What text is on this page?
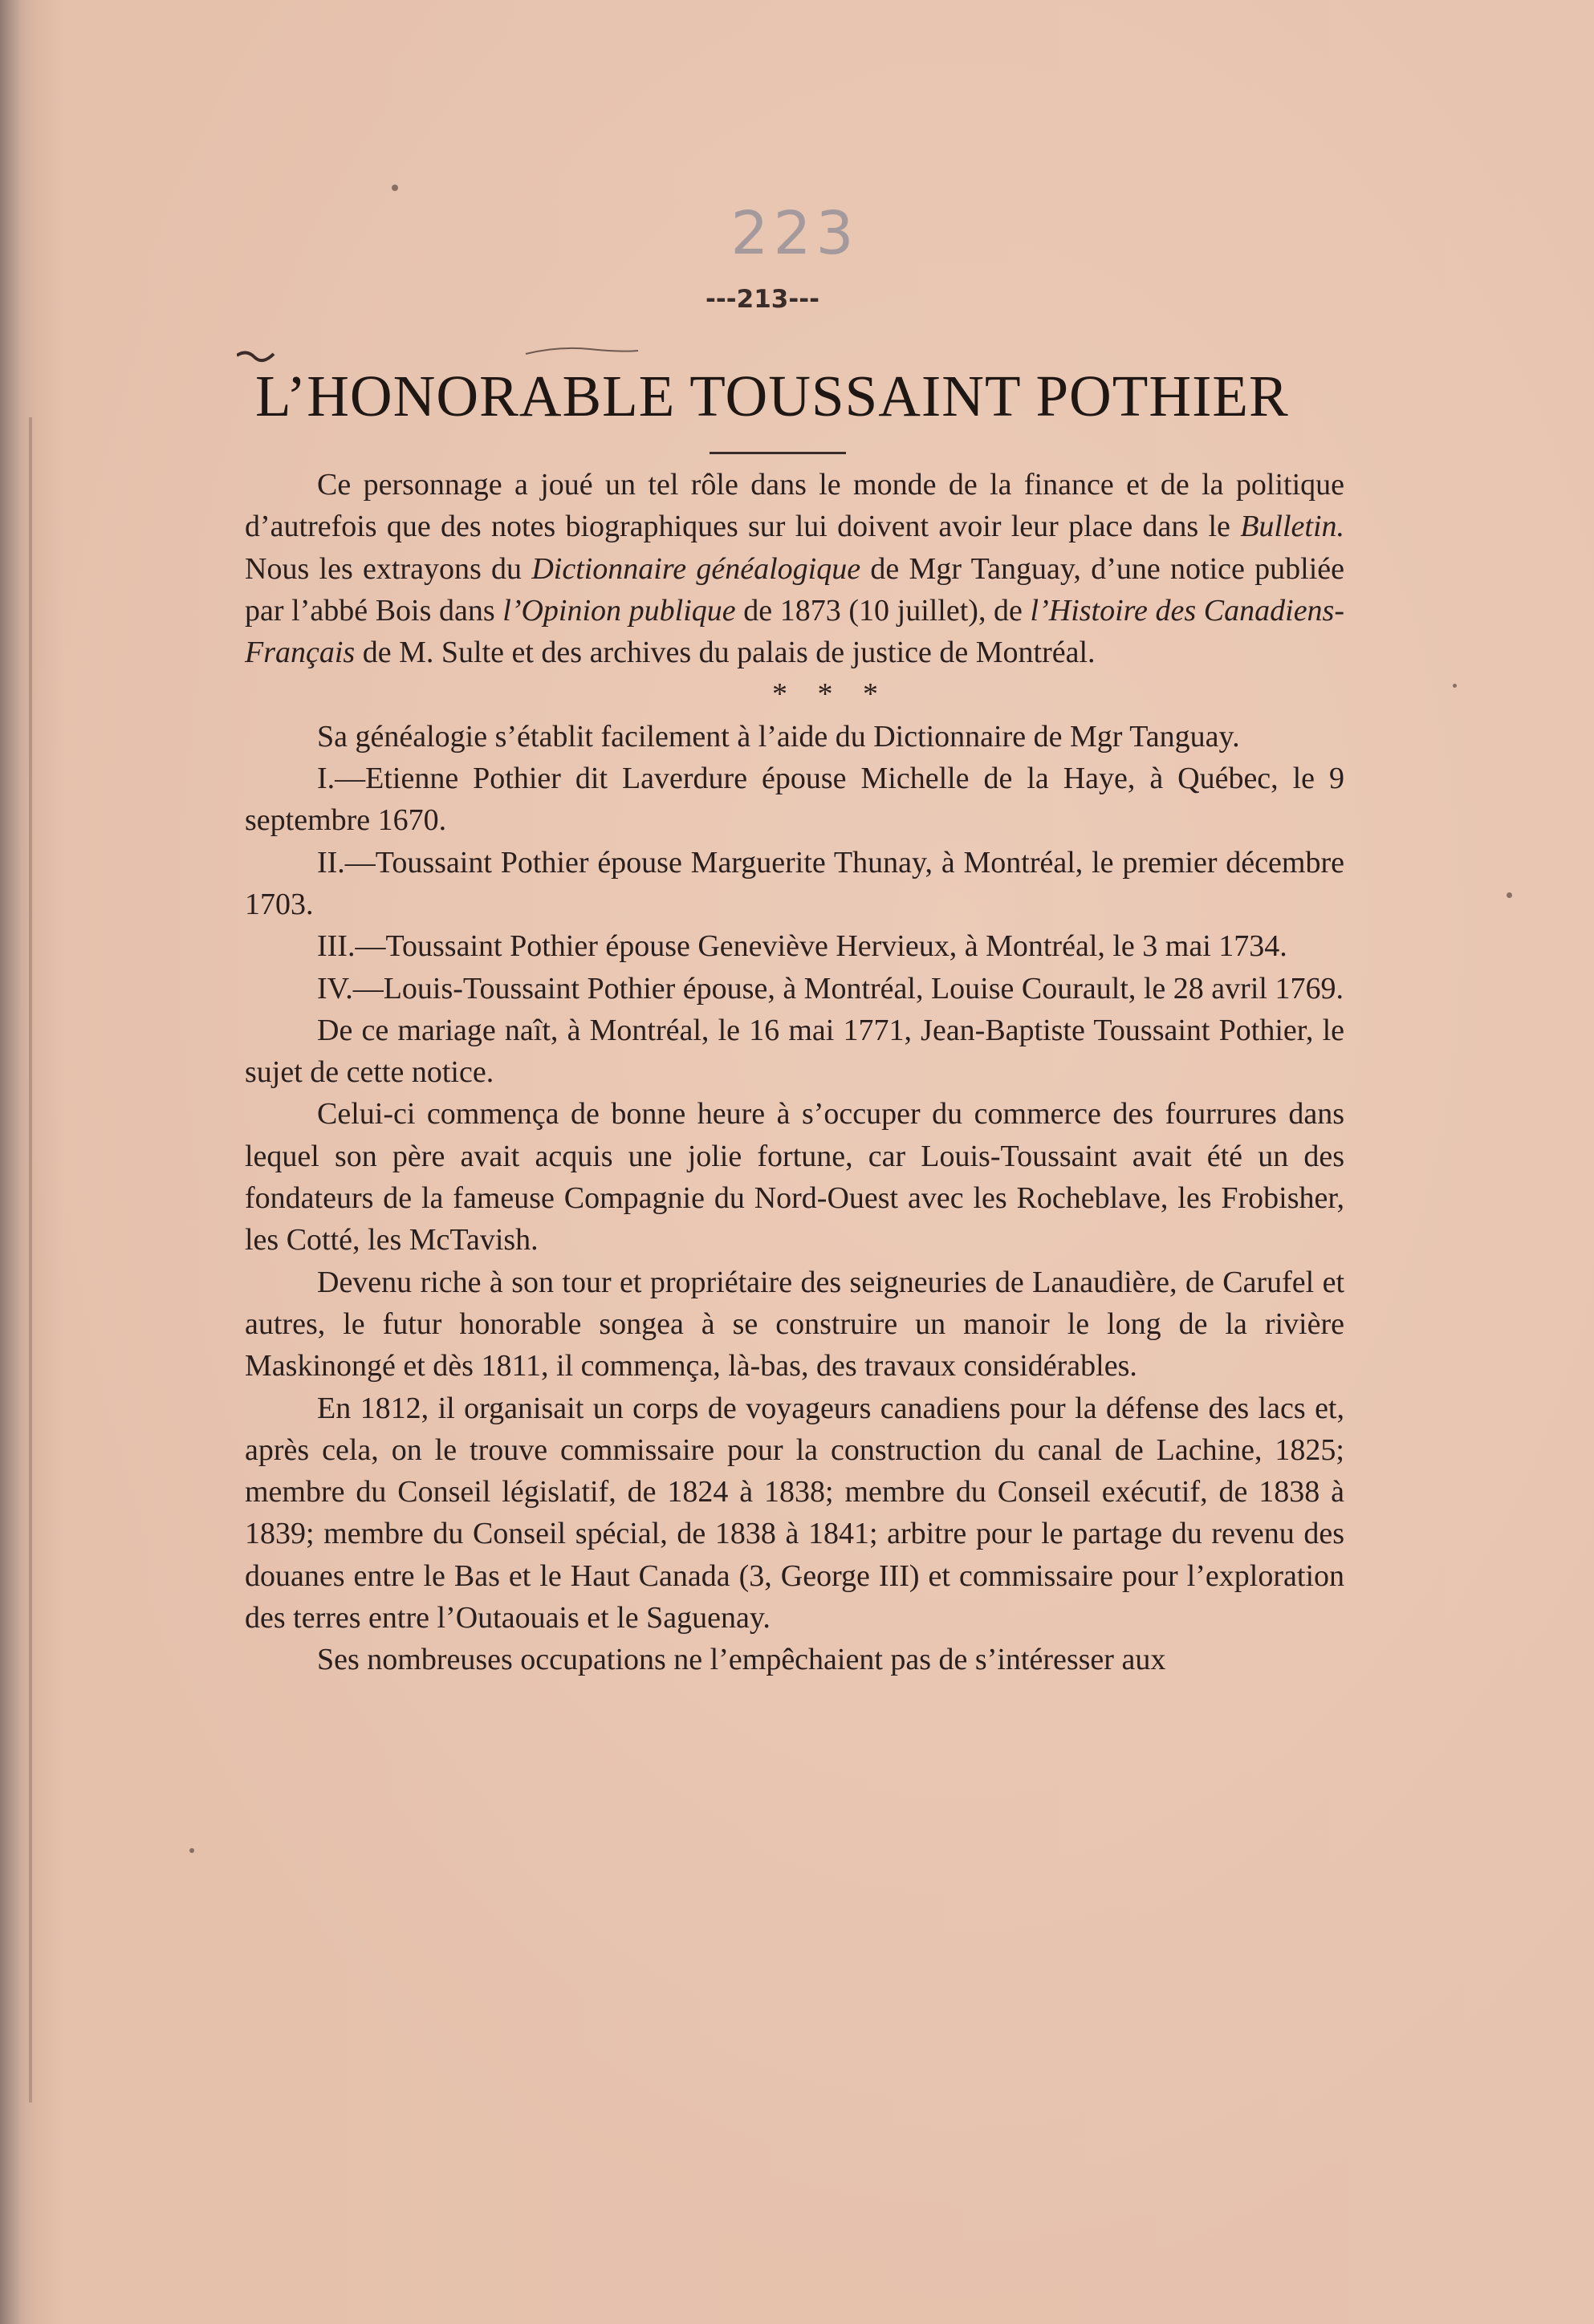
223
---213---
L’HONORABLE TOUSSAINT POTHIER

Ce personnage a joué un tel rôle dans le monde de la finance et de la politique d’autrefois que des notes biographiques sur lui doivent avoir leur place dans le Bulletin. Nous les extrayons du Dictionnaire généalogique de Mgr Tanguay, d’une notice publiée par l’abbé Bois dans l’Opinion publique de 1873 (10 juillet), de l’Histoire des Canadiens-Français de M. Sulte et des archives du palais de justice de Montréal.

* * *

Sa généalogie s’établit facilement à l’aide du Dictionnaire de Mgr Tanguay.

I.—Etienne Pothier dit Laverdure épouse Michelle de la Haye, à Québec, le 9 septembre 1670.

II.—Toussaint Pothier épouse Marguerite Thunay, à Montréal, le premier décembre 1703.

III.—Toussaint Pothier épouse Geneviève Hervieux, à Montréal, le 3 mai 1734.

IV.—Louis-Toussaint Pothier épouse, à Montréal, Louise Courault, le 28 avril 1769.

De ce mariage naît, à Montréal, le 16 mai 1771, Jean-Baptiste Toussaint Pothier, le sujet de cette notice.

Celui-ci commença de bonne heure à s’occuper du commerce des fourrures dans lequel son père avait acquis une jolie fortune, car Louis-Toussaint avait été un des fondateurs de la fameuse Compagnie du Nord-Ouest avec les Rocheblave, les Frobisher, les Cotté, les McTavish.

Devenu riche à son tour et propriétaire des seigneuries de Lanaudière, de Carufel et autres, le futur honorable songea à se construire un manoir le long de la rivière Maskinongé et dès 1811, il commença, là-bas, des travaux considérables.

En 1812, il organisait un corps de voyageurs canadiens pour la défense des lacs et, après cela, on le trouve commissaire pour la construction du canal de Lachine, 1825; membre du Conseil législatif, de 1824 à 1838; membre du Conseil exécutif, de 1838 à 1839; membre du Conseil spécial, de 1838 à 1841; arbitre pour le partage du revenu des douanes entre le Bas et le Haut Canada (3, George III) et commissaire pour l’exploration des terres entre l’Outaouais et le Saguenay.

Ses nombreuses occupations ne l’empêchaient pas de s’intéresser aux
